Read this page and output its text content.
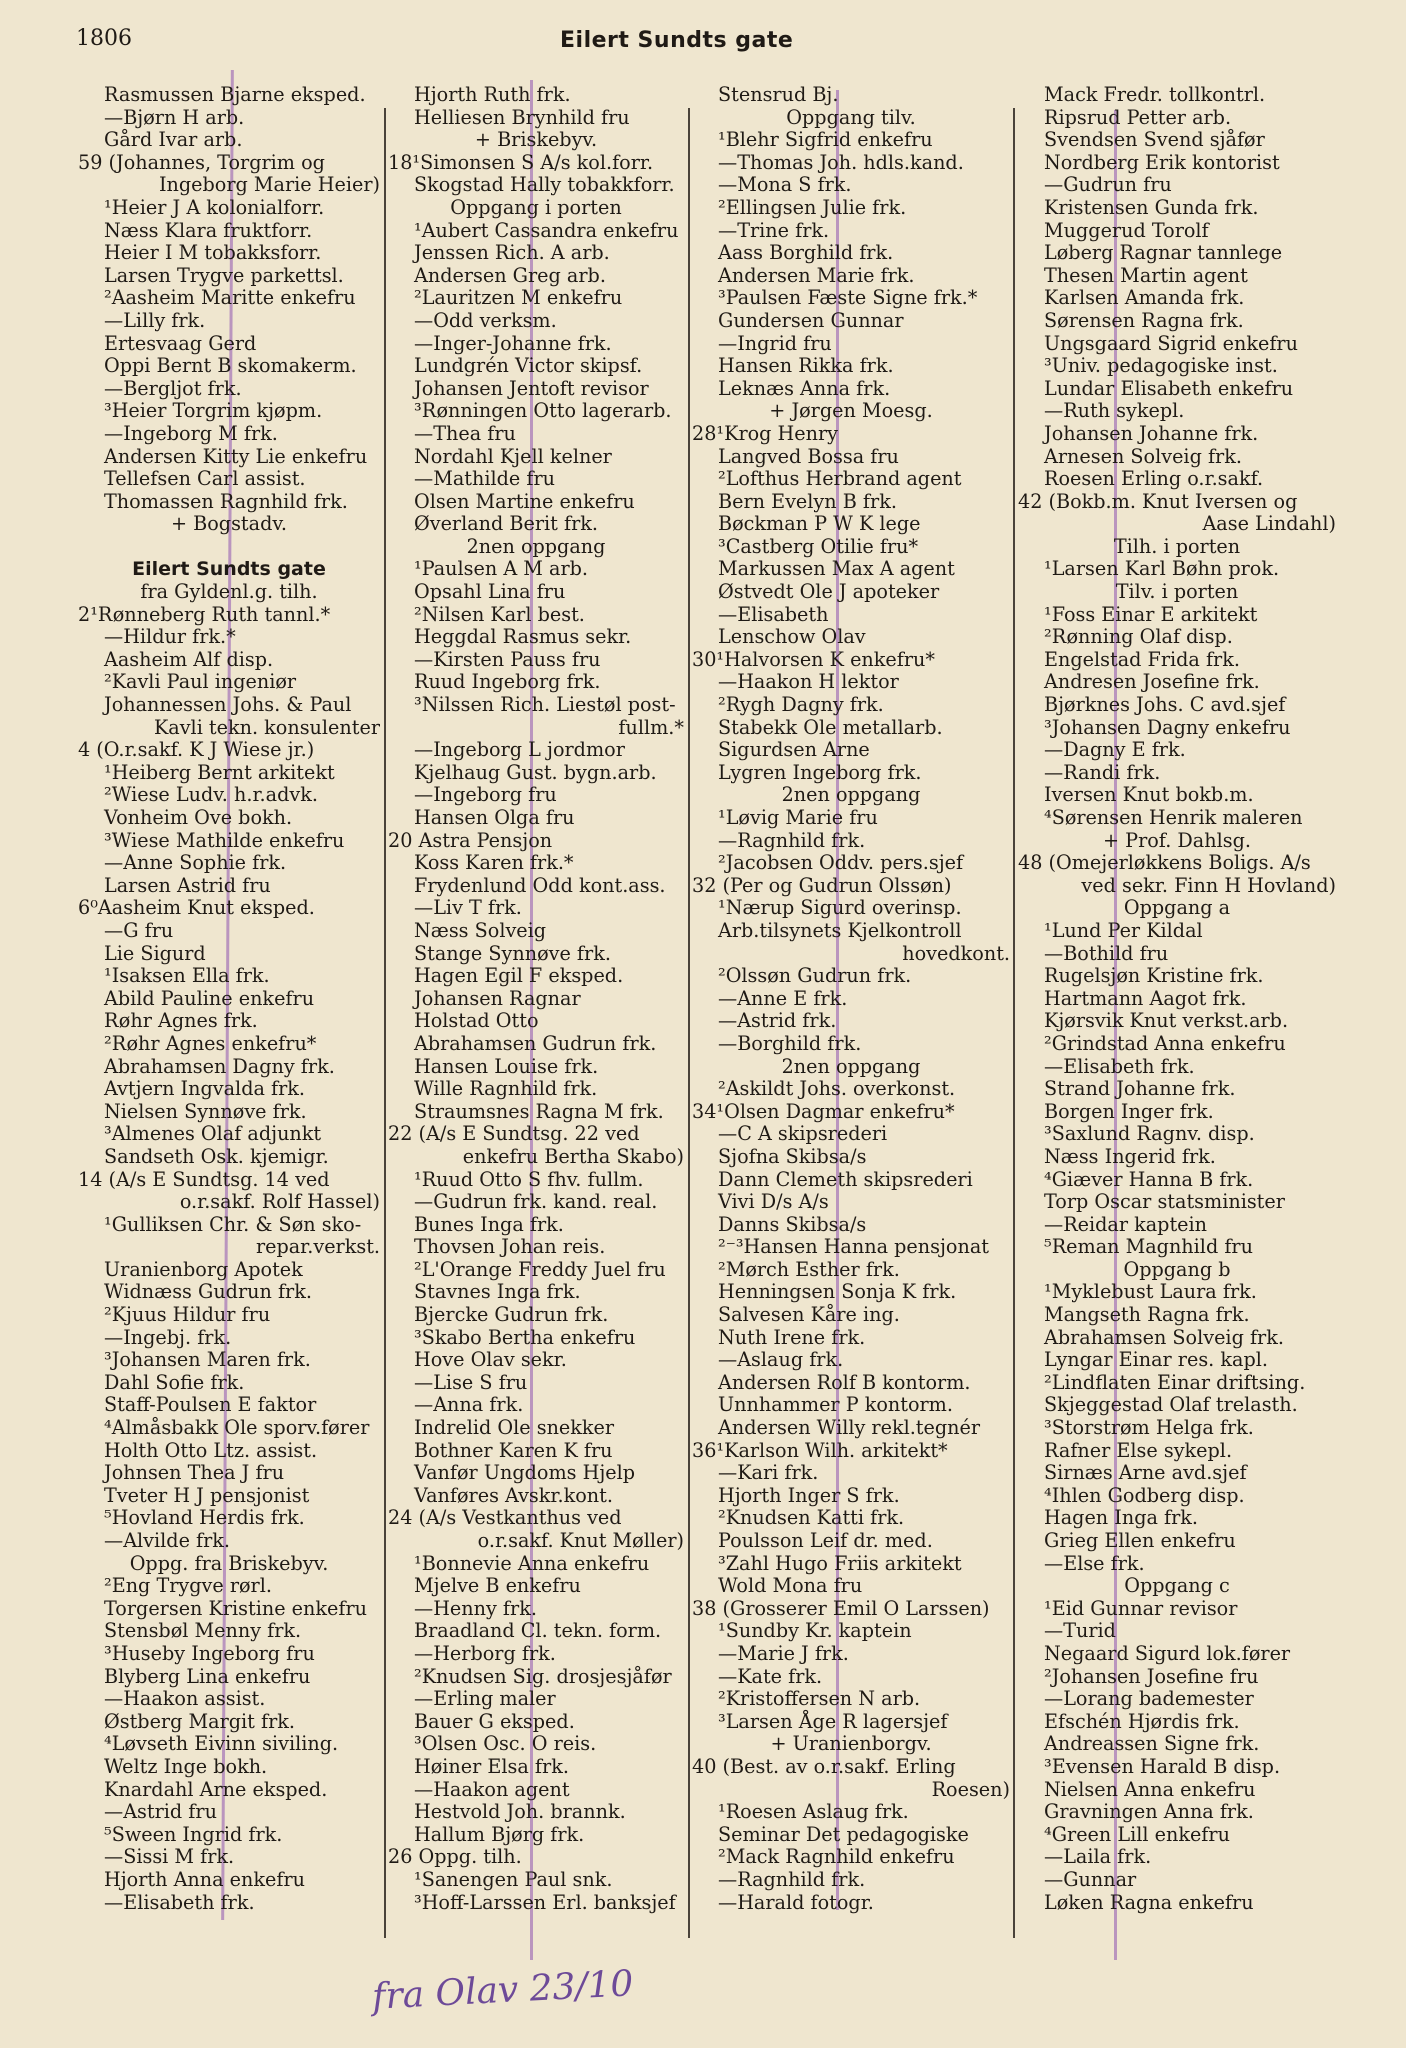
1806	Eilert Sundts gate
Rasmussen Bjarne eksped.
—Bjørn H arb.
Gård Ivar arb.
59 (Johannes, Torgrim og
Ingeborg Marie Heier)
¹Heier J A kolonialforr.
Næss Klara fruktforr.
Heier I M tobakksforr.
Larsen Trygve parkettsl.
²Aasheim Maritte enkefru
—Lilly frk.
Ertesvaag Gerd
Oppi Bernt B skomakerm.
—Bergljot frk.
³Heier Torgrim kjøpm.
—Ingeborg M frk.
Andersen Kitty Lie enkefru
Tellefsen Carl assist.
Thomassen Ragnhild frk.
+ Bogstadv.

Eilert Sundts gate
fra Gyldenl.g. tilh.
2¹Rønneberg Ruth tannl.*
—Hildur frk.*
Aasheim Alf disp.
²Kavli Paul ingeniør
Johannessen Johs. & Paul
Kavli tekn. konsulenter
4 (O.r.sakf. K J Wiese jr.)
¹Heiberg Bernt arkitekt
²Wiese Ludv. h.r.advk.
Vonheim Ove bokh.
³Wiese Mathilde enkefru
—Anne Sophie frk.
Larsen Astrid fru
6⁰Aasheim Knut eksped.
—G fru
Lie Sigurd
¹Isaksen Ella frk.
Abild Pauline enkefru
Røhr Agnes frk.
²Røhr Agnes enkefru*
Abrahamsen Dagny frk.
Avtjern Ingvalda frk.
Nielsen Synnøve frk.
³Almenes Olaf adjunkt
Sandseth Osk. kjemigr.
14 (A/s E Sundtsg. 14 ved
o.r.sakf. Rolf Hassel)
¹Gulliksen Chr. & Søn sko-
repar.verkst.
Uranienborg Apotek
Widnæss Gudrun frk.
²Kjuus Hildur fru
—Ingebj. frk.
³Johansen Maren frk.
Dahl Sofie frk.
Staff-Poulsen E faktor
⁴Almåsbakk Ole sporv.fører
Holth Otto Ltz. assist.
Johnsen Thea J fru
Tveter H J pensjonist
⁵Hovland Herdis frk.
—Alvilde frk.
Oppg. fra Briskebyv.
²Eng Trygve rørl.
Torgersen Kristine enkefru
Stensbøl Menny frk.
³Huseby Ingeborg fru
Blyberg Lina enkefru
—Haakon assist.
Østberg Margit frk.
⁴Løvseth Eivinn siviling.
Weltz Inge bokh.
Knardahl Arne eksped.
—Astrid fru
⁵Sween Ingrid frk.
—Sissi M frk.
Hjorth Anna enkefru
—Elisabeth frk.
Hjorth Ruth frk.
Helliesen Brynhild fru
+ Briskebyv.
18¹Simonsen S A/s kol.forr.
Skogstad Hally tobakkforr.
Oppgang i porten
¹Aubert Cassandra enkefru
Jenssen Rich. A arb.
Andersen Greg arb.
²Lauritzen M enkefru
—Odd verksm.
—Inger-Johanne frk.
Lundgrén Victor skipsf.
Johansen Jentoft revisor
³Rønningen Otto lagerarb.
—Thea fru
Nordahl Kjell kelner
—Mathilde fru
Olsen Martine enkefru
Øverland Berit frk.
2nen oppgang
¹Paulsen A M arb.
Opsahl Lina fru
²Nilsen Karl best.
Heggdal Rasmus sekr.
—Kirsten Pauss fru
Ruud Ingeborg frk.
³Nilssen Rich. Liestøl post-
fullm.*
—Ingeborg L jordmor
Kjelhaug Gust. bygn.arb.
—Ingeborg fru
Hansen Olga fru
20 Astra Pensjon
Koss Karen frk.*
Frydenlund Odd kont.ass.
—Liv T frk.
Næss Solveig
Stange Synnøve frk.
Hagen Egil F eksped.
Johansen Ragnar
Holstad Otto
Abrahamsen Gudrun frk.
Hansen Louise frk.
Wille Ragnhild frk.
Straumsnes Ragna M frk.
22 (A/s E Sundtsg. 22 ved
enkefru Bertha Skabo)
¹Ruud Otto S fhv. fullm.
—Gudrun frk. kand. real.
Bunes Inga frk.
Thovsen Johan reis.
²L'Orange Freddy Juel fru
Stavnes Inga frk.
Bjercke Gudrun frk.
³Skabo Bertha enkefru
Hove Olav sekr.
—Lise S fru
—Anna frk.
Indrelid Ole snekker
Bothner Karen K fru
Vanfør Ungdoms Hjelp
Vanføres Avskr.kont.
24 (A/s Vestkanthus ved
o.r.sakf. Knut Møller)
¹Bonnevie Anna enkefru
Mjelve B enkefru
—Henny frk.
Braadland Cl. tekn. form.
—Herborg frk.
²Knudsen Sig. drosjesjåfør
—Erling maler
Bauer G eksped.
³Olsen Osc. O reis.
Høiner Elsa frk.
—Haakon agent
Hestvold Joh. brannk.
Hallum Bjørg frk.
26 Oppg. tilh.
¹Sanengen Paul snk.
³Hoff-Larssen Erl. banksjef
Stensrud Bj.
Oppgang tilv.
¹Blehr Sigfrid enkefru
—Thomas Joh. hdls.kand.
—Mona S frk.
²Ellingsen Julie frk.
—Trine frk.
Aass Borghild frk.
Andersen Marie frk.
³Paulsen Fæste Signe frk.*
Gundersen Gunnar
—Ingrid fru
Hansen Rikka frk.
Leknæs Anna frk.
+ Jørgen Moesg.
28¹Krog Henry
Langved Bossa fru
²Lofthus Herbrand agent
Bern Evelyn B frk.
Bøckman P W K lege
³Castberg Otilie fru*
Markussen Max A agent
Østvedt Ole J apoteker
—Elisabeth
Lenschow Olav
30¹Halvorsen K enkefru*
—Haakon H lektor
²Rygh Dagny frk.
Stabekk Ole metallarb.
Sigurdsen Arne
Lygren Ingeborg frk.
2nen oppgang
¹Løvig Marie fru
—Ragnhild frk.
²Jacobsen Oddv. pers.sjef
32 (Per og Gudrun Olssøn)
¹Nærup Sigurd overinsp.
Arb.tilsynets Kjelkontroll
hovedkont.
²Olssøn Gudrun frk.
—Anne E frk.
—Astrid frk.
—Borghild frk.
2nen oppgang
²Askildt Johs. overkonst.
34¹Olsen Dagmar enkefru*
—C A skipsrederi
Sjofna Skibsa/s
Dann Clemeth skipsrederi
Vivi D/s A/s
Danns Skibsa/s
²⁻³Hansen Hanna pensjonat
²Mørch Esther frk.
Henningsen Sonja K frk.
Salvesen Kåre ing.
Nuth Irene frk.
—Aslaug frk.
Andersen Rolf B kontorm.
Unnhammer P kontorm.
Andersen Willy rekl.tegnér
36¹Karlson Wilh. arkitekt*
—Kari frk.
Hjorth Inger S frk.
²Knudsen Katti frk.
Poulsson Leif dr. med.
³Zahl Hugo Friis arkitekt
Wold Mona fru
38 (Grosserer Emil O Larssen)
¹Sundby Kr. kaptein
—Marie J frk.
—Kate frk.
²Kristoffersen N arb.
³Larsen Åge R lagersjef
+ Uranienborgv.
40 (Best. av o.r.sakf. Erling
Roesen)
¹Roesen Aslaug frk.
Seminar Det pedagogiske
²Mack Ragnhild enkefru
—Ragnhild frk.
—Harald fotogr.
Mack Fredr. tollkontrl.
Ripsrud Petter arb.
Svendsen Svend sjåfør
Nordberg Erik kontorist
—Gudrun fru
Kristensen Gunda frk.
Muggerud Torolf
Løberg Ragnar tannlege
Thesen Martin agent
Karlsen Amanda frk.
Sørensen Ragna frk.
Ungsgaard Sigrid enkefru
³Univ. pedagogiske inst.
Lundar Elisabeth enkefru
—Ruth sykepl.
Johansen Johanne frk.
Arnesen Solveig frk.
Roesen Erling o.r.sakf.
42 (Bokb.m. Knut Iversen og
Aase Lindahl)
Tilh. i porten
¹Larsen Karl Bøhn prok.
Tilv. i porten
¹Foss Einar E arkitekt
²Rønning Olaf disp.
Engelstad Frida frk.
Andresen Josefine frk.
Bjørknes Johs. C avd.sjef
³Johansen Dagny enkefru
—Dagny E frk.
—Randi frk.
Iversen Knut bokb.m.
⁴Sørensen Henrik maleren
+ Prof. Dahlsg.
48 (Omejerløkkens Boligs. A/s
ved sekr. Finn H Hovland)
Oppgang a
¹Lund Per Kildal
—Bothild fru
Rugelsjøn Kristine frk.
Hartmann Aagot frk.
Kjørsvik Knut verkst.arb.
²Grindstad Anna enkefru
—Elisabeth frk.
Strand Johanne frk.
Borgen Inger frk.
³Saxlund Ragnv. disp.
Næss Ingerid frk.
⁴Giæver Hanna B frk.
Torp Oscar statsminister
—Reidar kaptein
⁵Reman Magnhild fru
Oppgang b
¹Myklebust Laura frk.
Mangseth Ragna frk.
Abrahamsen Solveig frk.
Lyngar Einar res. kapl.
²Lindflaten Einar driftsing.
Skjeggestad Olaf trelasth.
³Storstrøm Helga frk.
Rafner Else sykepl.
Sirnæs Arne avd.sjef
⁴Ihlen Godberg disp.
Hagen Inga frk.
Grieg Ellen enkefru
—Else frk.
Oppgang c
¹Eid Gunnar revisor
—Turid
Negaard Sigurd lok.fører
²Johansen Josefine fru
—Lorang bademester
Efschén Hjørdis frk.
Andreassen Signe frk.
³Evensen Harald B disp.
Nielsen Anna enkefru
Gravningen Anna frk.
⁴Green Lill enkefru
—Laila frk.
—Gunnar
Løken Ragna enkefru
fra Olav 23/10
